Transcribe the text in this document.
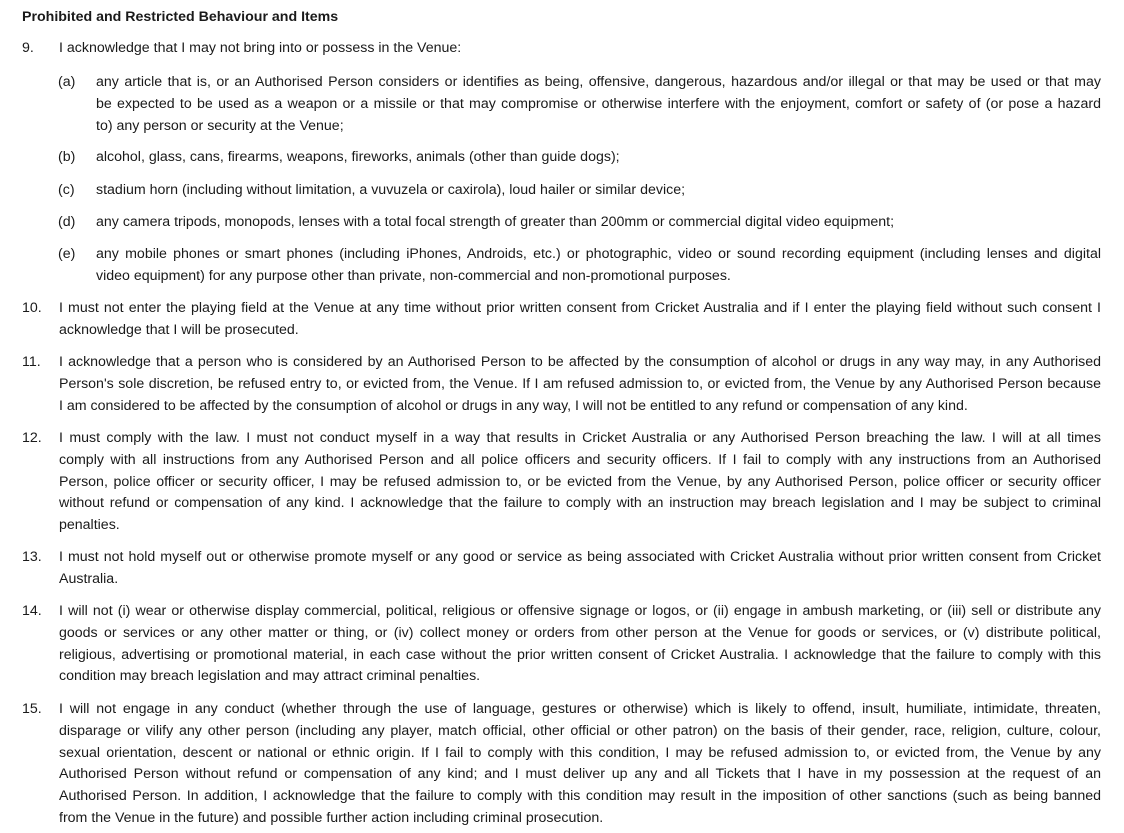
Prohibited and Restricted Behaviour and Items
9. I acknowledge that I may not bring into or possess in the Venue:
(a) any article that is, or an Authorised Person considers or identifies as being, offensive, dangerous, hazardous and/or illegal or that may be used or that may
be expected to be used as a weapon or a missile or that may compromise or otherwise interfere with the enjoyment, comfort or safety of (or pose a hazard
to) any person or security at the Venue;
(b) alcohol, glass, cans, firearms, weapons, fireworks, animals (other than guide dogs);
(c) stadium horn (including without limitation, a vuvuzela or caxirola), loud hailer or similar device;
(d) any camera tripods, monopods, lenses with a total focal strength of greater than 200mm or commercial digital video equipment;
(e) any mobile phones or smart phones (including iPhones, Androids, etc.) or photographic, video or sound recording equipment (including lenses and digital
video equipment) for any purpose other than private, non-commercial and non-promotional purposes.
10. I must not enter the playing field at the Venue at any time without prior written consent from Cricket Australia and if I enter the playing field without such consent I
acknowledge that I will be prosecuted.
11. I acknowledge that a person who is considered by an Authorised Person to be affected by the consumption of alcohol or drugs in any way may, in any Authorised
Person's sole discretion, be refused entry to, or evicted from, the Venue. If I am refused admission to, or evicted from, the Venue by any Authorised Person because
I am considered to be affected by the consumption of alcohol or drugs in any way, I will not be entitled to any refund or compensation of any kind.
12. I must comply with the law. I must not conduct myself in a way that results in Cricket Australia or any Authorised Person breaching the law. I will at all times
comply with all instructions from any Authorised Person and all police officers and security officers. If I fail to comply with any instructions from an Authorised
Person, police officer or security officer, I may be refused admission to, or be evicted from the Venue, by any Authorised Person, police officer or security officer
without refund or compensation of any kind. I acknowledge that the failure to comply with an instruction may breach legislation and I may be subject to criminal
penalties.
13. I must not hold myself out or otherwise promote myself or any good or service as being associated with Cricket Australia without prior written consent from Cricket
Australia.
14. I will not (i) wear or otherwise display commercial, political, religious or offensive signage or logos, or (ii) engage in ambush marketing, or (iii) sell or distribute any
goods or services or any other matter or thing, or (iv) collect money or orders from other person at the Venue for goods or services, or (v) distribute political,
religious, advertising or promotional material, in each case without the prior written consent of Cricket Australia. I acknowledge that the failure to comply with this
condition may breach legislation and may attract criminal penalties.
15. I will not engage in any conduct (whether through the use of language, gestures or otherwise) which is likely to offend, insult, humiliate, intimidate, threaten,
disparage or vilify any other person (including any player, match official, other official or other patron) on the basis of their gender, race, religion, culture, colour,
sexual orientation, descent or national or ethnic origin. If I fail to comply with this condition, I may be refused admission to, or evicted from, the Venue by any
Authorised Person without refund or compensation of any kind; and I must deliver up any and all Tickets that I have in my possession at the request of an
Authorised Person. In addition, I acknowledge that the failure to comply with this condition may result in the imposition of other sanctions (such as being banned
from the Venue in the future) and possible further action including criminal prosecution.
